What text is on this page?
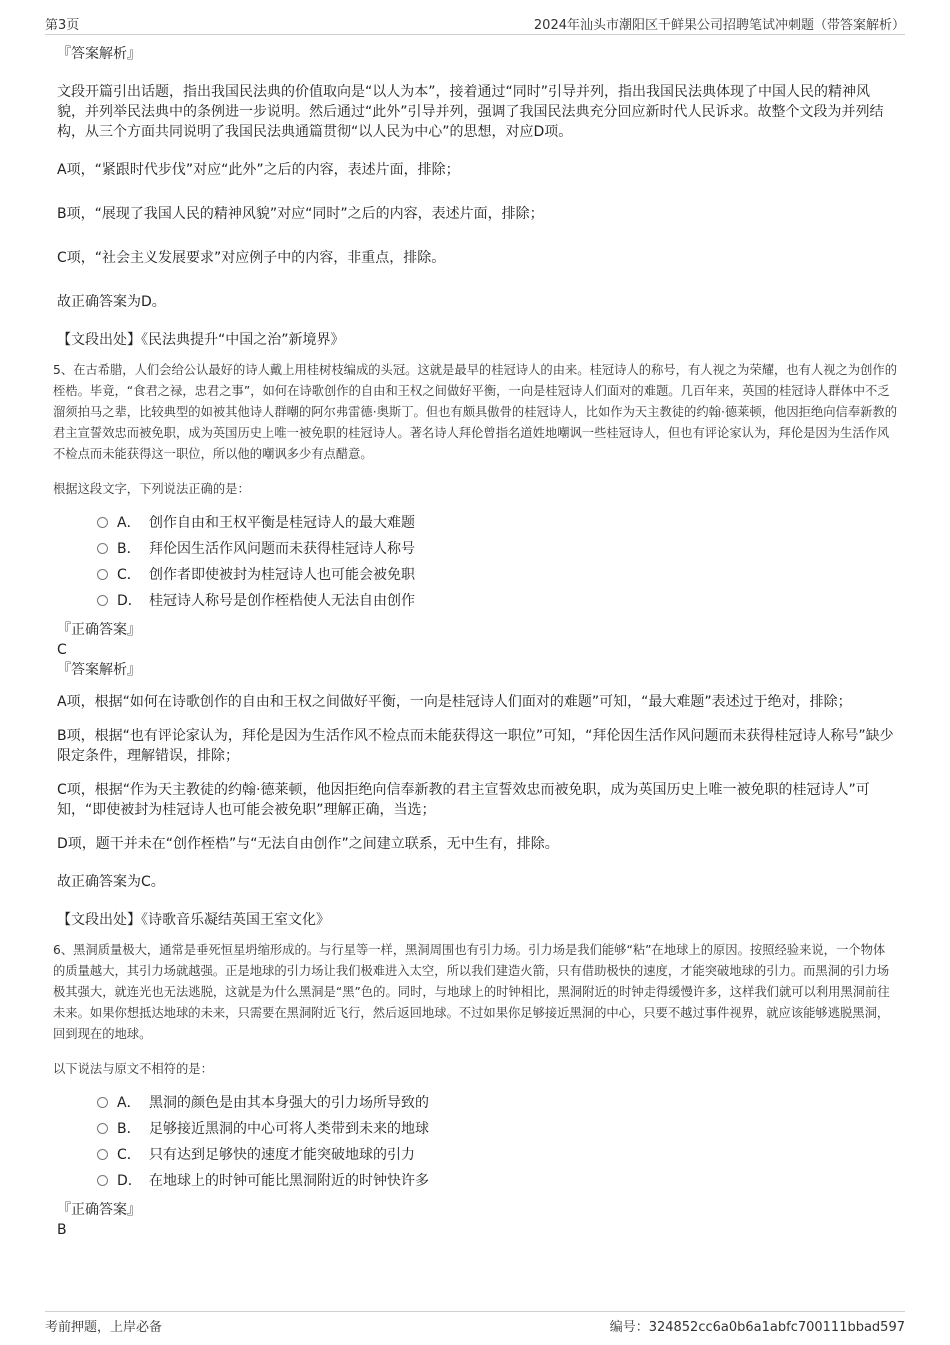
第3页	2024年汕头市潮阳区千鲜果公司招聘笔试冲刺题（带答案解析）

『答案解析』

文段开篇引出话题，指出我国民法典的价值取向是“以人为本”，接着通过“同时”引导并列，指出我国民法典体现了中国人民的精神风貌，并列举民法典中的条例进一步说明。然后通过“此外”引导并列，强调了我国民法典充分回应新时代人民诉求。故整个文段为并列结构，从三个方面共同说明了我国民法典通篇贯彻“以人民为中心”的思想，对应D项。

A项，“紧跟时代步伐”对应“此外”之后的内容，表述片面，排除；

B项，“展现了我国人民的精神风貌”对应“同时”之后的内容，表述片面，排除；

C项，“社会主义发展要求”对应例子中的内容，非重点，排除。

故正确答案为D。

【文段出处】《民法典提升“中国之治”新境界》

5、在古希腊，人们会给公认最好的诗人戴上用桂树枝编成的头冠。这就是最早的桂冠诗人的由来。桂冠诗人的称号，有人视之为荣耀，也有人视之为创作的桎梏。毕竟，“食君之禄，忠君之事”，如何在诗歌创作的自由和王权之间做好平衡，一向是桂冠诗人们面对的难题。几百年来，英国的桂冠诗人群体中不乏溜须拍马之辈，比较典型的如被其他诗人群嘲的阿尔弗雷德·奥斯丁。但也有颇具傲骨的桂冠诗人，比如作为天主教徒的约翰·德莱顿，他因拒绝向信奉新教的君主宣誓效忠而被免职，成为英国历史上唯一被免职的桂冠诗人。著名诗人拜伦曾指名道姓地嘲讽一些桂冠诗人，但也有评论家认为，拜伦是因为生活作风不检点而未能获得这一职位，所以他的嘲讽多少有点醋意。

根据这段文字，下列说法正确的是：

A． 创作自由和王权平衡是桂冠诗人的最大难题
B． 拜伦因生活作风问题而未获得桂冠诗人称号
C． 创作者即使被封为桂冠诗人也可能会被免职
D． 桂冠诗人称号是创作桎梏使人无法自由创作

『正确答案』

C

『答案解析』

A项，根据“如何在诗歌创作的自由和王权之间做好平衡，一向是桂冠诗人们面对的难题”可知，“最大难题”表述过于绝对，排除；

B项，根据“也有评论家认为，拜伦是因为生活作风不检点而未能获得这一职位”可知，“拜伦因生活作风问题而未获得桂冠诗人称号”缺少限定条件，理解错误，排除；

C项，根据“作为天主教徒的约翰·德莱顿，他因拒绝向信奉新教的君主宣誓效忠而被免职，成为英国历史上唯一被免职的桂冠诗人”可知，“即使被封为桂冠诗人也可能会被免职”理解正确，当选；

D项，题干并未在“创作桎梏”与“无法自由创作”之间建立联系，无中生有，排除。

故正确答案为C。

【文段出处】《诗歌音乐凝结英国王室文化》

6、黑洞质量极大，通常是垂死恒星坍缩形成的。与行星等一样，黑洞周围也有引力场。引力场是我们能够“粘”在地球上的原因。按照经验来说，一个物体的质量越大，其引力场就越强。正是地球的引力场让我们极难进入太空，所以我们建造火箭，只有借助极快的速度，才能突破地球的引力。而黑洞的引力场极其强大，就连光也无法逃脱，这就是为什么黑洞是“黑”色的。同时，与地球上的时钟相比，黑洞附近的时钟走得缓慢许多，这样我们就可以利用黑洞前往未来。如果你想抵达地球的未来，只需要在黑洞附近飞行，然后返回地球。不过如果你足够接近黑洞的中心，只要不越过事件视界，就应该能够逃脱黑洞，回到现在的地球。

以下说法与原文不相符的是：

A． 黑洞的颜色是由其本身强大的引力场所导致的
B． 足够接近黑洞的中心可将人类带到未来的地球
C． 只有达到足够快的速度才能突破地球的引力
D． 在地球上的时钟可能比黑洞附近的时钟快许多

『正确答案』

B

考前押题，上岸必备	编号：324852cc6a0b6a1abfc700111bbad597
